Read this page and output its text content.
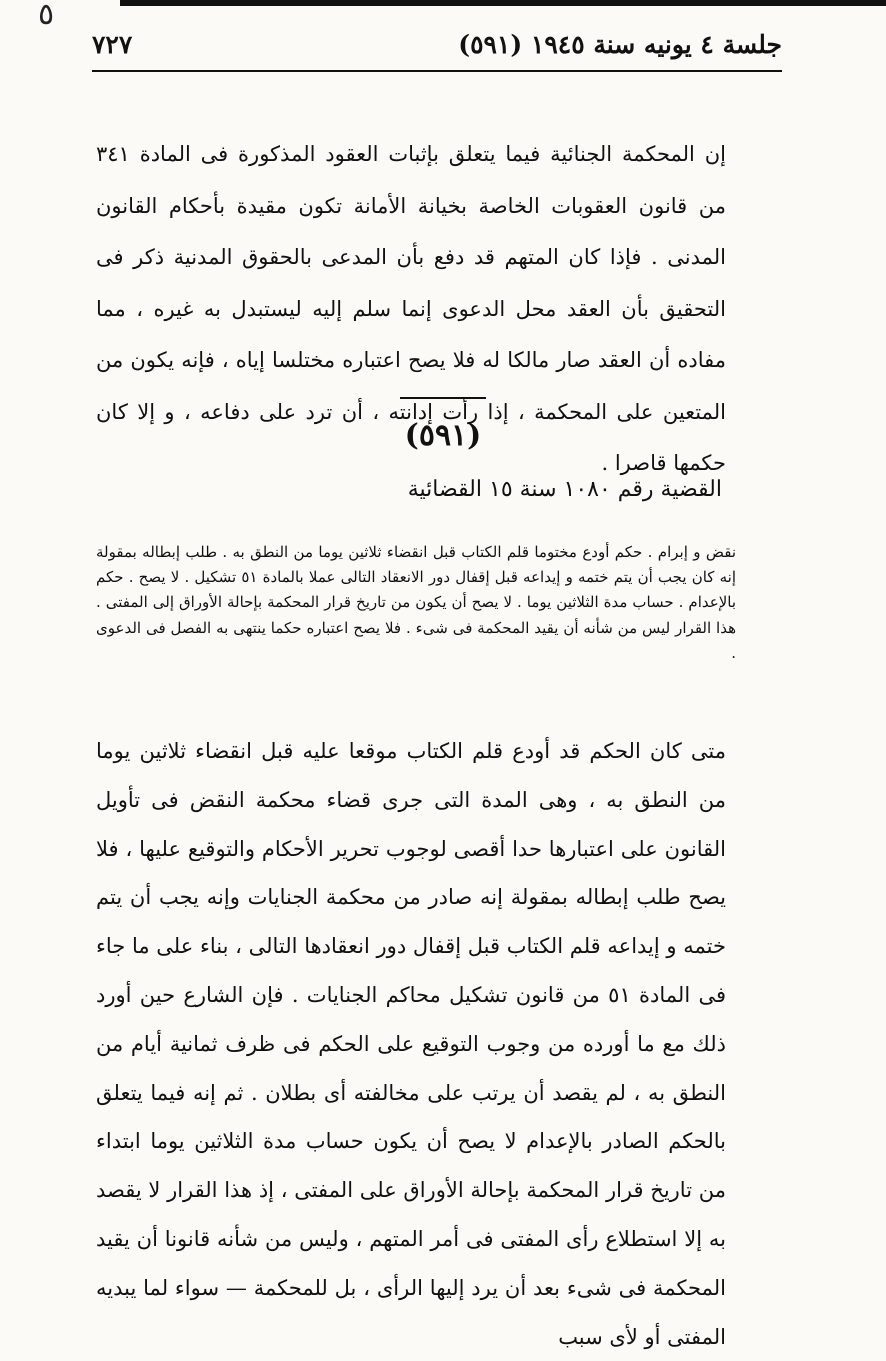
٥
جلسة ٤ يونيه سنة ١٩٤٥ (٥٩١)
٧٢٧

إن المحكمة الجنائية فيما يتعلق بإثبات العقود المذكورة فى المادة ٣٤١ من قانون العقوبات الخاصة بخيانة الأمانة تكون مقيدة بأحكام القانون المدنى . فإذا كان المتهم قد دفع بأن المدعى بالحقوق المدنية ذكر فى التحقيق بأن العقد محل الدعوى إنما سلم إليه ليستبدل به غيره ، مما مفاده أن العقد صار مالكا له فلا يصح اعتباره مختلسا إياه ، فإنه يكون من المتعين على المحكمة ، إذا رأت إدانته ، أن ترد على دفاعه ، و إلا كان حكمها قاصرا .

(٥٩١)
القضية رقم ١٠٨٠ سنة ١٥ القضائية

نقض و إبرام . حكم أودع مختوما قلم الكتاب قبل انقضاء ثلاثين يوما من النطق به . طلب إبطاله بمقولة إنه كان يجب أن يتم ختمه و إيداعه قبل إقفال دور الانعقاد التالى عملا بالمادة ٥١ تشكيل . لا يصح . حكم بالإعدام . حساب مدة الثلاثين يوما . لا يصح أن يكون من تاريخ قرار المحكمة بإحالة الأوراق إلى المفتى . هذا القرار ليس من شأنه أن يقيد المحكمة فى شىء . فلا يصح اعتباره حكما ينتهى به الفصل فى الدعوى .

متى كان الحكم قد أودع قلم الكتاب موقعا عليه قبل انقضاء ثلاثين يوما من النطق به ، وهى المدة التى جرى قضاء محكمة النقض فى تأويل القانون على اعتبارها حدا أقصى لوجوب تحرير الأحكام والتوقيع عليها ، فلا يصح طلب إبطاله بمقولة إنه صادر من محكمة الجنايات وإنه يجب أن يتم ختمه و إيداعه قلم الكتاب قبل إقفال دور انعقادها التالى ، بناء على ما جاء فى المادة ٥١ من قانون تشكيل محاكم الجنايات . فإن الشارع حين أورد ذلك مع ما أورده من وجوب التوقيع على الحكم فى ظرف ثمانية أيام من النطق به ، لم يقصد أن يرتب على مخالفته أى بطلان . ثم إنه فيما يتعلق بالحكم الصادر بالإعدام لا يصح أن يكون حساب مدة الثلاثين يوما ابتداء من تاريخ قرار المحكمة بإحالة الأوراق على المفتى ، إذ هذا القرار لا يقصد به إلا استطلاع رأى المفتى فى أمر المتهم ، وليس من شأنه قانونا أن يقيد المحكمة فى شىء بعد أن يرد إليها الرأى ، بل للمحكمة — سواء لما يبديه المفتى أو لأى سبب
